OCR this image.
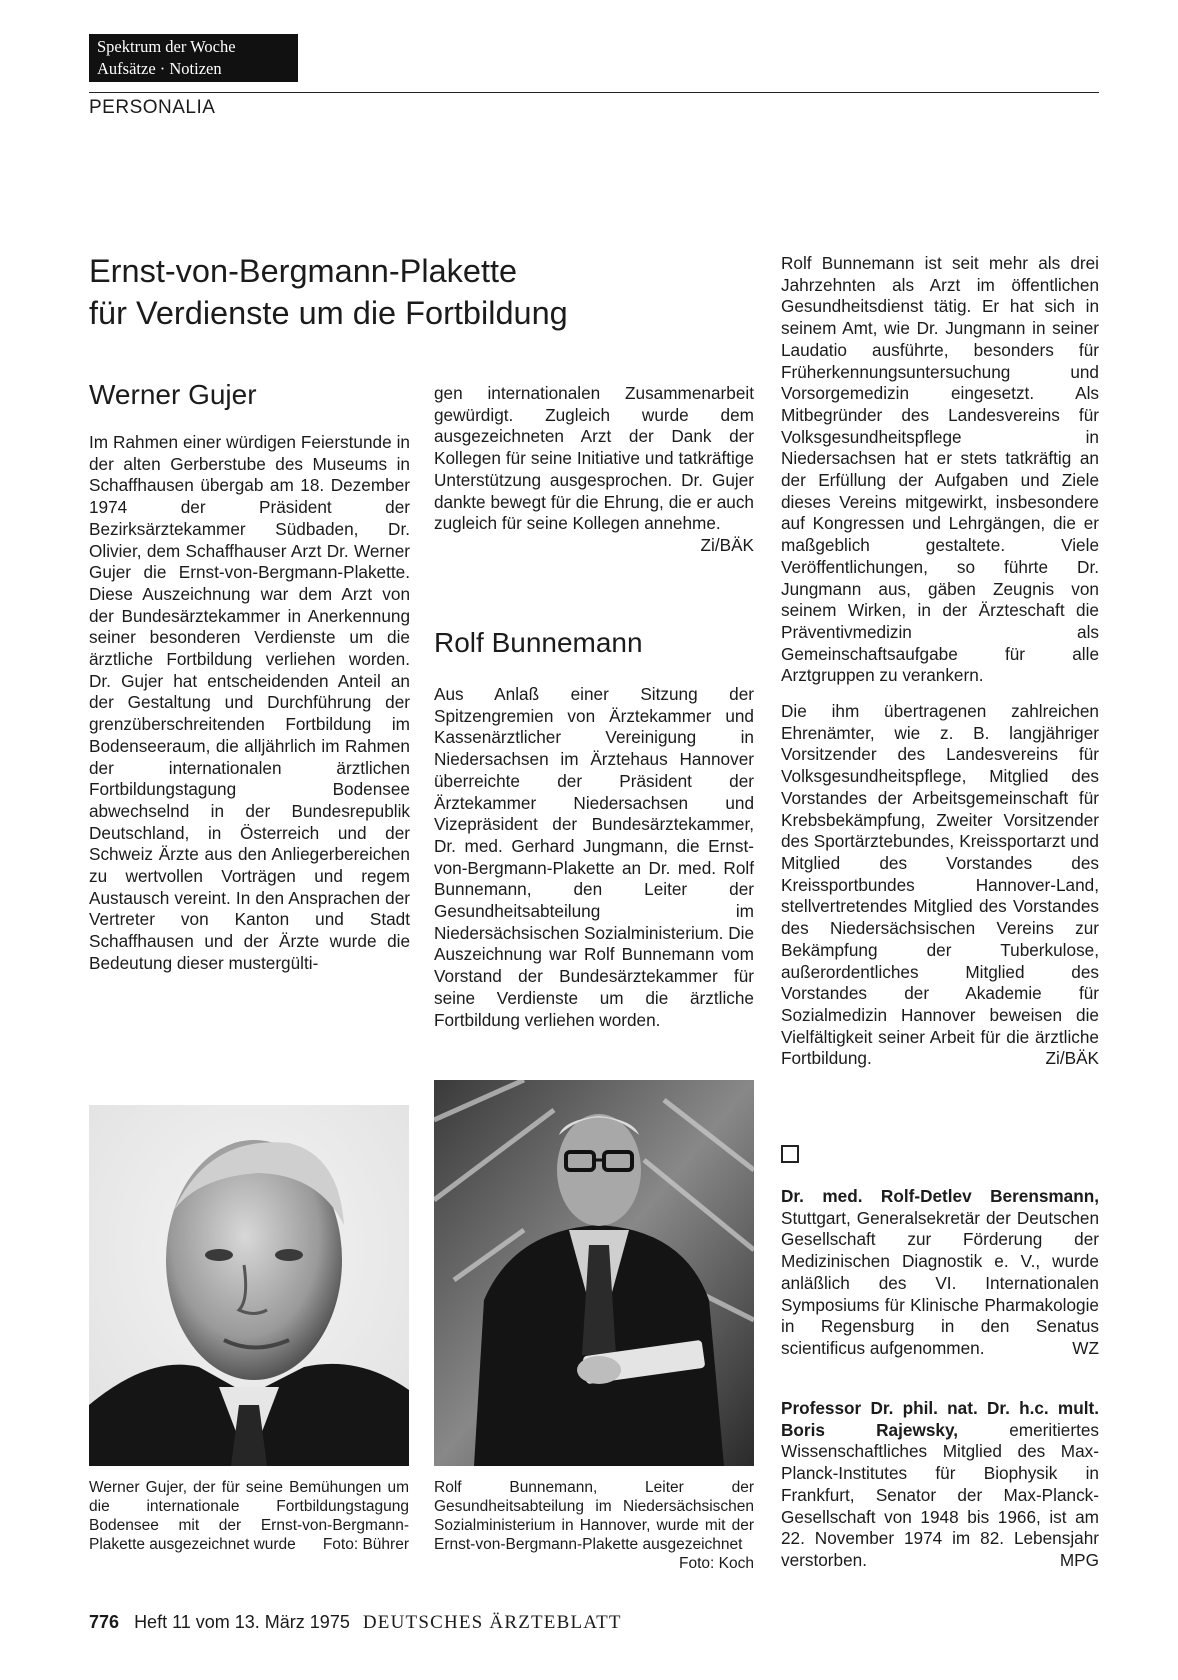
Spektrum der Woche
Aufsätze · Notizen
PERSONALIA
Ernst-von-Bergmann-Plakette
für Verdienste um die Fortbildung
Werner Gujer

Im Rahmen einer würdigen Feierstunde in der alten Gerberstube des Museums in Schaffhausen übergab am 18. Dezember 1974 der Präsident der Bezirksärztekammer Südbaden, Dr. Olivier, dem Schaffhauser Arzt Dr. Werner Gujer die Ernst-von-Bergmann-Plakette. Diese Auszeichnung war dem Arzt von der Bundesärztekammer in Anerkennung seiner besonderen Verdienste um die ärztliche Fortbildung verliehen worden. Dr. Gujer hat entscheidenden Anteil an der Gestaltung und Durchführung der grenzüberschreitenden Fortbildung im Bodenseeraum, die alljährlich im Rahmen der internationalen ärztlichen Fortbildungstagung Bodensee abwechselnd in der Bundesrepublik Deutschland, in Österreich und der Schweiz Ärzte aus den Anliegerbereichen zu wertvollen Vorträgen und regem Austausch vereint. In den Ansprachen der Vertreter von Kanton und Stadt Schaffhausen und der Ärzte wurde die Bedeutung dieser mustergülti-

gen internationalen Zusammenarbeit gewürdigt. Zugleich wurde dem ausgezeichneten Arzt der Dank der Kollegen für seine Initiative und tatkräftige Unterstützung ausgesprochen. Dr. Gujer dankte bewegt für die Ehrung, die er auch zugleich für seine Kollegen annehme.
Zi/BÄK

Rolf Bunnemann

Aus Anlaß einer Sitzung der Spitzengremien von Ärztekammer und Kassenärztlicher Vereinigung in Niedersachsen im Ärztehaus Hannover überreichte der Präsident der Ärztekammer Niedersachsen und Vizepräsident der Bundesärztekammer, Dr. med. Gerhard Jungmann, die Ernst-von-Bergmann-Plakette an Dr. med. Rolf Bunnemann, den Leiter der Gesundheitsabteilung im Niedersächsischen Sozialministerium. Die Auszeichnung war Rolf Bunnemann vom Vorstand der Bundesärztekammer für seine Verdienste um die ärztliche Fortbildung verliehen worden.

Rolf Bunnemann ist seit mehr als drei Jahrzehnten als Arzt im öffentlichen Gesundheitsdienst tätig. Er hat sich in seinem Amt, wie Dr. Jungmann in seiner Laudatio ausführte, besonders für Früherkennungsuntersuchung und Vorsorgemedizin eingesetzt. Als Mitbegründer des Landesvereins für Volksgesundheitspflege in Niedersachsen hat er stets tatkräftig an der Erfüllung der Aufgaben und Ziele dieses Vereins mitgewirkt, insbesondere auf Kongressen und Lehrgängen, die er maßgeblich gestaltete. Viele Veröffentlichungen, so führte Dr. Jungmann aus, gäben Zeugnis von seinem Wirken, in der Ärzteschaft die Präventivmedizin als Gemeinschaftsaufgabe für alle Arztgruppen zu verankern.

Die ihm übertragenen zahlreichen Ehrenämter, wie z. B. langjähriger Vorsitzender des Landesvereins für Volksgesundheitspflege, Mitglied des Vorstandes der Arbeitsgemeinschaft für Krebsbekämpfung, Zweiter Vorsitzender des Sportärztebundes, Kreissportarzt und Mitglied des Vorstandes des Kreissportbundes Hannover-Land, stellvertretendes Mitglied des Vorstandes des Niedersächsischen Vereins zur Bekämpfung der Tuberkulose, außerordentliches Mitglied des Vorstandes der Akademie für Sozialmedizin Hannover beweisen die Vielfältigkeit seiner Arbeit für die ärztliche Fortbildung.	Zi/BÄK

Dr. med. Rolf-Detlev Berensmann, Stuttgart, Generalsekretär der Deutschen Gesellschaft zur Förderung der Medizinischen Diagnostik e. V., wurde anläßlich des VI. Internationalen Symposiums für Klinische Pharmakologie in Regensburg in den Senatus scientificus aufgenommen.	WZ

Professor Dr. phil. nat. Dr. h.c. mult. Boris Rajewsky,	emeritiertes Wissenschaftliches Mitglied des Max-Planck-Institutes für Biophysik in Frankfurt, Senator der Max-Planck-Gesellschaft von 1948 bis 1966, ist am 22. November 1974 im 82. Lebensjahr verstorben.	MPG

Werner Gujer, der für seine Bemühungen um die internationale Fortbildungstagung Bodensee mit der Ernst-von-Bergmann-Plakette ausgezeichnet wurde Foto: Bührer
Rolf Bunnemann, Leiter der Gesundheitsabteilung im Niedersächsischen Sozialministerium in Hannover, wurde mit der Ernst-von-Bergmann-Plakette ausgezeichnet
Foto: Koch
776 Heft 11 vom 13. März 1975 DEUTSCHES ÄRZTEBLATT
